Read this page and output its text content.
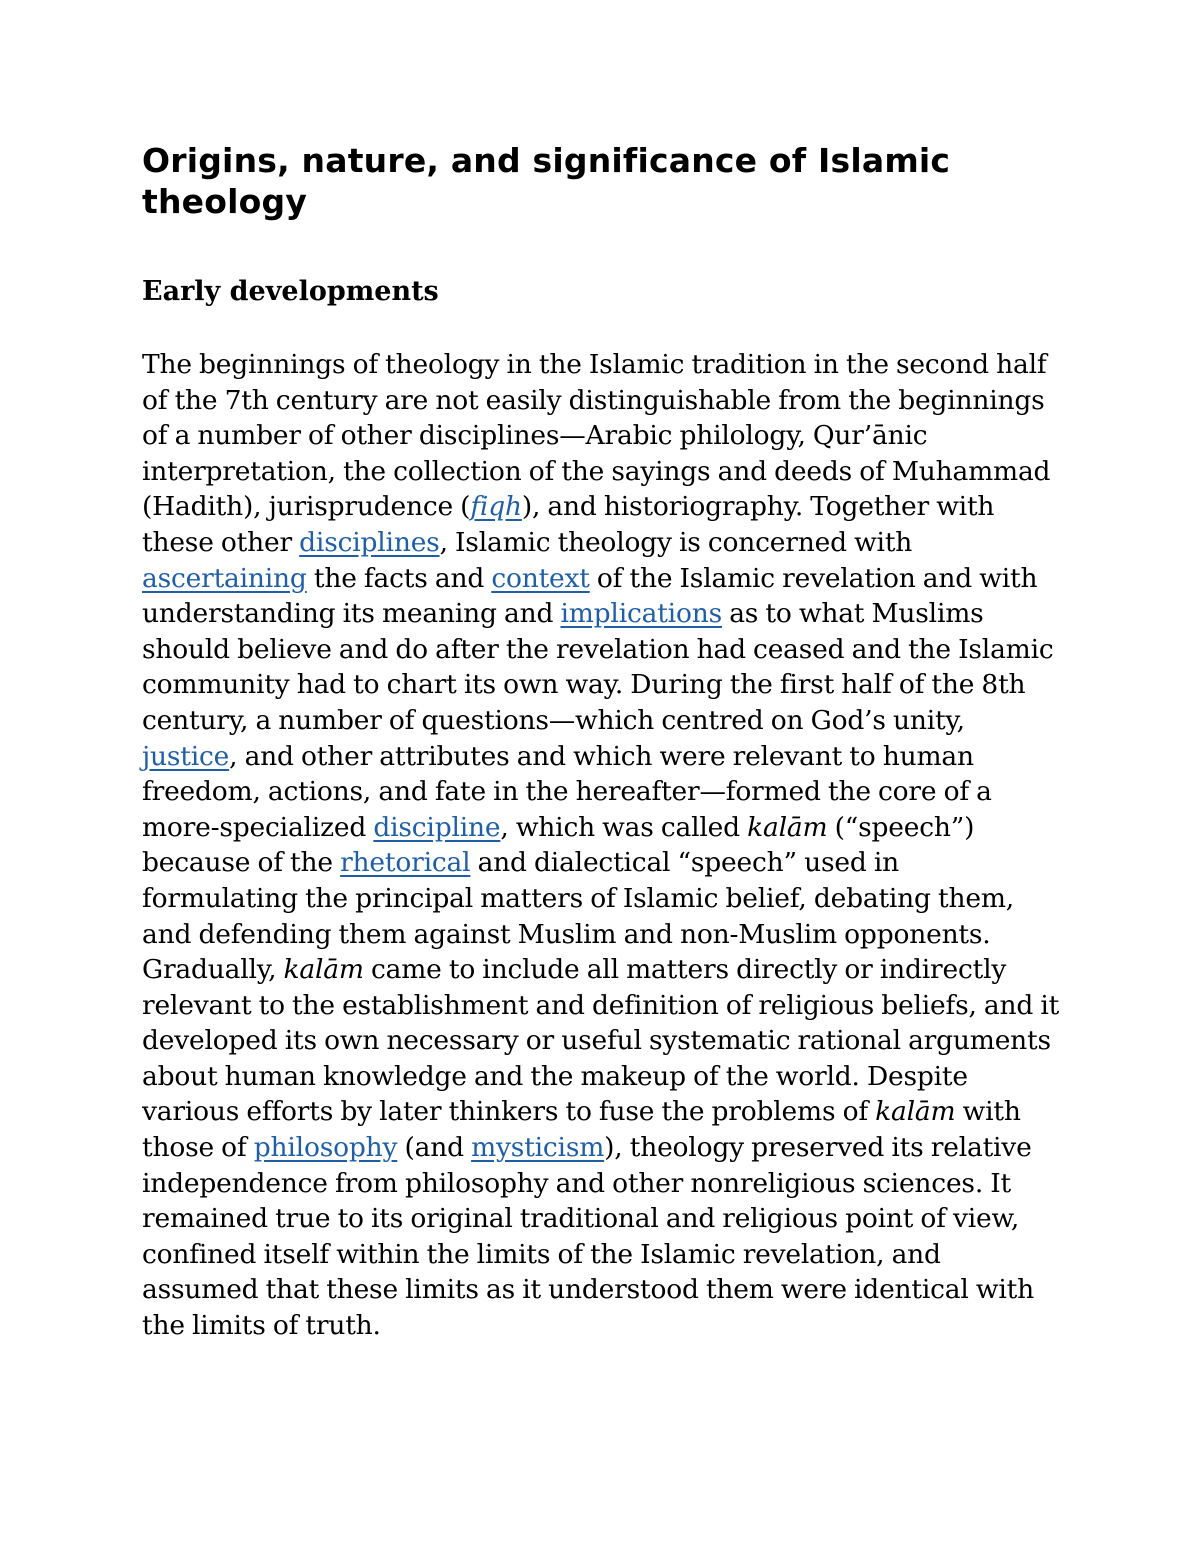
Origins, nature, and significance of Islamic theology
Early developments

The beginnings of theology in the Islamic tradition in the second half of the 7th century are not easily distinguishable from the beginnings of a number of other disciplines—Arabic philology, Qur’ānic interpretation, the collection of the sayings and deeds of Muhammad (Hadith), jurisprudence (fiqh), and historiography. Together with these other disciplines, Islamic theology is concerned with ascertaining the facts and context of the Islamic revelation and with understanding its meaning and implications as to what Muslims should believe and do after the revelation had ceased and the Islamic community had to chart its own way. During the first half of the 8th century, a number of questions—which centred on God’s unity, justice, and other attributes and which were relevant to human freedom, actions, and fate in the hereafter—formed the core of a more-specialized discipline, which was called kalām (“speech”) because of the rhetorical and dialectical “speech” used in formulating the principal matters of Islamic belief, debating them, and defending them against Muslim and non-Muslim opponents. Gradually, kalām came to include all matters directly or indirectly relevant to the establishment and definition of religious beliefs, and it developed its own necessary or useful systematic rational arguments about human knowledge and the makeup of the world. Despite various efforts by later thinkers to fuse the problems of kalām with those of philosophy (and mysticism), theology preserved its relative independence from philosophy and other nonreligious sciences. It remained true to its original traditional and religious point of view, confined itself within the limits of the Islamic revelation, and assumed that these limits as it understood them were identical with the limits of truth.
